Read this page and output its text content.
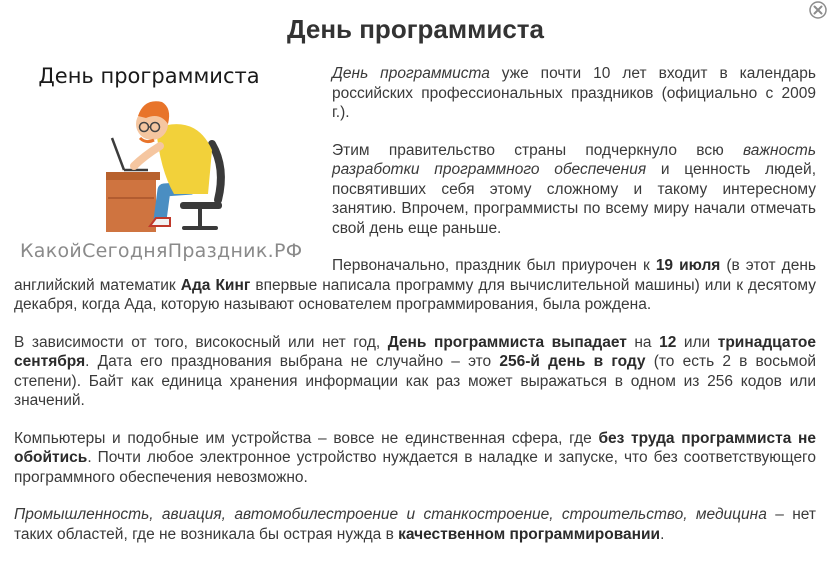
День программиста
День программиста
КакойСегодняПраздник.РФ

День программиста уже почти 10 лет входит в календарь российских профессиональных праздников (официально с 2009 г.).

Этим правительство страны подчеркнуло всю важность разработки программного обеспечения и ценность людей, посвятивших себя этому сложному и такому интересному занятию. Впрочем, программисты по всему миру начали отмечать свой день еще раньше.

Первоначально, праздник был приурочен к 19 июля (в этот день английский математик Ада Кинг впервые написала программу для вычислительной машины) или к десятому декабря, когда Ада, которую называют основателем программирования, была рождена.

В зависимости от того, високосный или нет год, День программиста выпадает на 12 или тринадцатое сентября. Дата его празднования выбрана не случайно – это 256-й день в году (то есть 2 в восьмой степени). Байт как единица хранения информации как раз может выражаться в одном из 256 кодов или значений.

Компьютеры и подобные им устройства – вовсе не единственная сфера, где без труда программиста не обойтись. Почти любое электронное устройство нуждается в наладке и запуске, что без соответствующего программного обеспечения невозможно.

Промышленность, авиация, автомобилестроение и станкостроение, строительство, медицина – нет таких областей, где не возникала бы острая нужда в качественном программировании.
